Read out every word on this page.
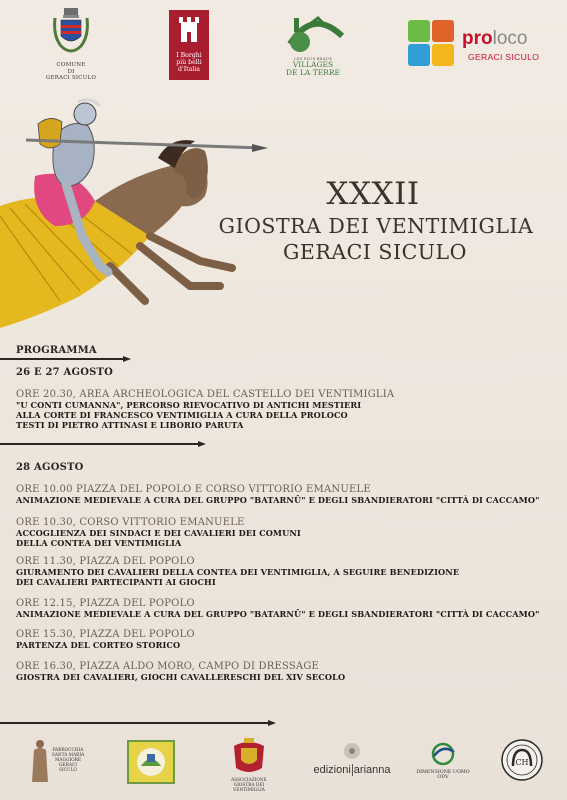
COMUNE
DI
GERACI SICULO
I Borghi
più belli
d'Italia
LES PLUS BEAUX
VILLAGES
DE LA TERRE
proloco
GERACI SICULO
XXXII
GIOSTRA DEI VENTIMIGLIA
GERACI SICULO
PROGRAMMA
26 E 27 AGOSTO
ORE 20.30, AREA ARCHEOLOGICA DEL CASTELLO DEI VENTIMIGLIA
"U CONTI CUMANNA", PERCORSO RIEVOCATIVO DI ANTICHI MESTIERI
ALLA CORTE DI FRANCESCO VENTIMIGLIA A CURA DELLA PROLOCO
TESTI DI PIETRO ATTINASI E LIBORIO PARUTA
28 AGOSTO
ORE 10.00 PIAZZA DEL POPOLO E CORSO VITTORIO EMANUELE
ANIMAZIONE MEDIEVALE A CURA DEL GRUPPO "BATARNÛ" E DEGLI SBANDIERATORI "CITTÀ DI CACCAMO"
ORE 10.30, CORSO VITTORIO EMANUELE
ACCOGLIENZA DEI SINDACI E DEI CAVALIERI DEI COMUNI
DELLA CONTEA DEI VENTIMIGLIA
ORE 11.30, PIAZZA DEL POPOLO
GIURAMENTO DEI CAVALIERI DELLA CONTEA DEI VENTIMIGLIA, A SEGUIRE BENEDIZIONE
DEI CAVALIERI PARTECIPANTI AI GIOCHI
ORE 12.15, PIAZZA DEL POPOLO
ANIMAZIONE MEDIEVALE A CURA DEL GRUPPO "BATARNÛ" E DEGLI SBANDIERATORI "CITTÀ DI CACCAMO"
ORE 15.30, PIAZZA DEL POPOLO
PARTENZA DEL CORTEO STORICO
ORE 16.30, PIAZZA ALDO MORO, CAMPO DI DRESSAGE
GIOSTRA DEI CAVALIERI, GIOCHI CAVALLERESCHI DEL XIV SECOLO
PARROCCHIA
SANTA MARIA
MAGGIORE
GERACI SICULO
ASSOCIAZIONE
GIOSTRA DEI VENTIMIGLIA
edizioni arianna	DIMENSIONE UOMO ODV
CH
